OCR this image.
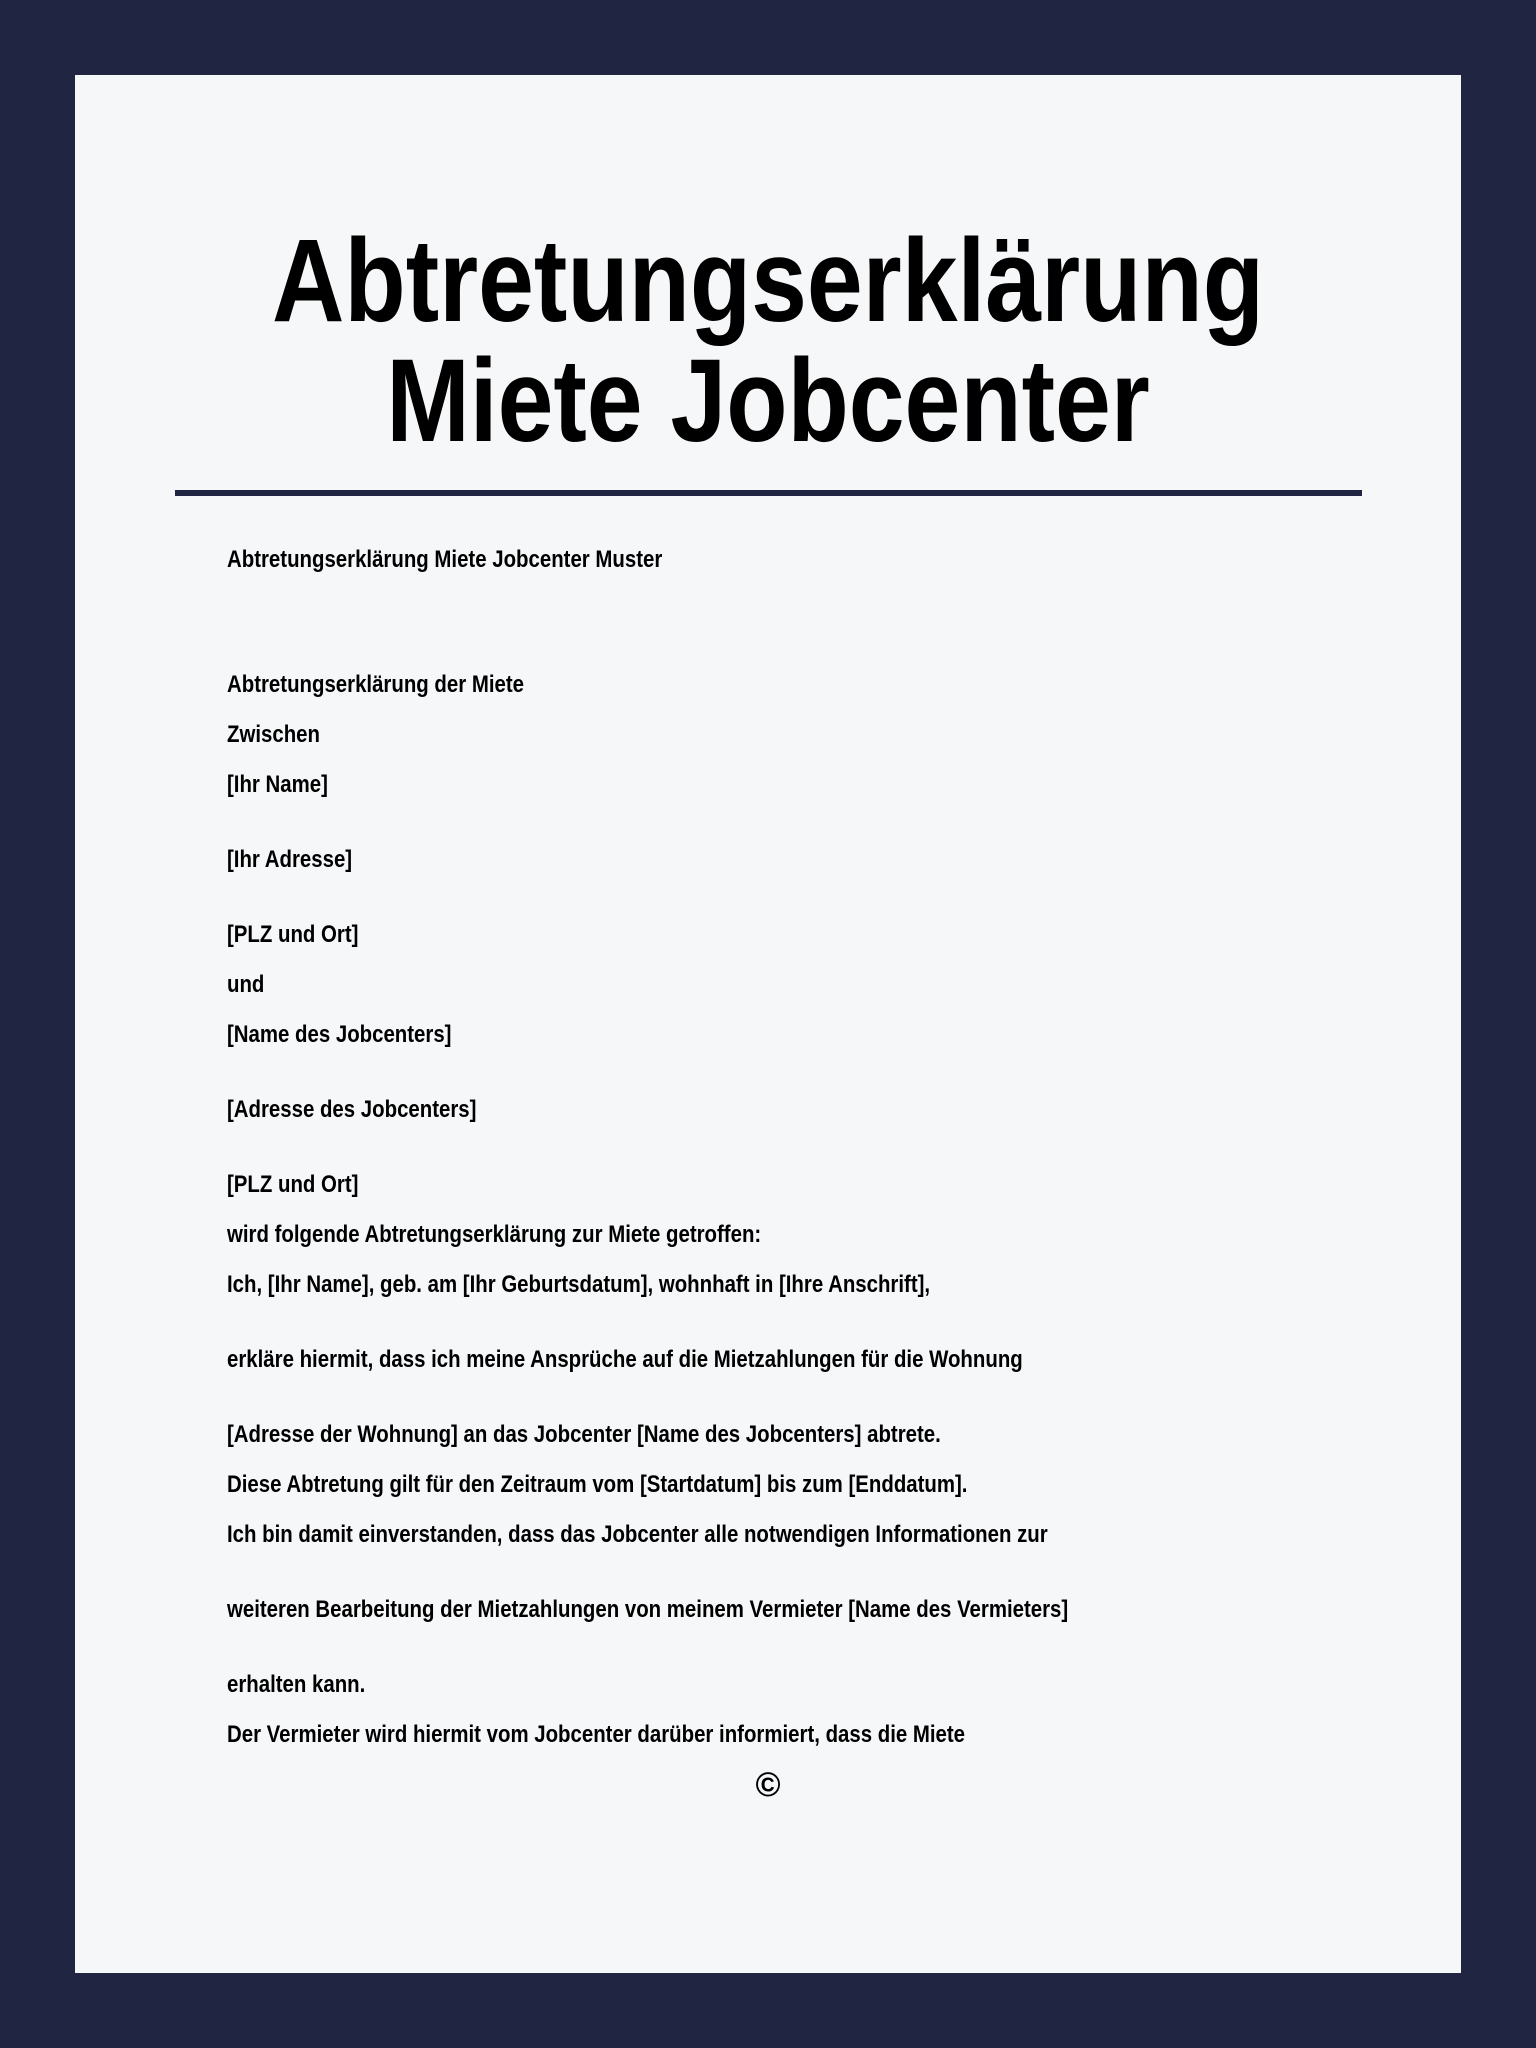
Abtretungserklärung
Miete Jobcenter
Abtretungserklärung Miete Jobcenter Muster
Abtretungserklärung der Miete
Zwischen
[Ihr Name]
[Ihr Adresse]
[PLZ und Ort]
und
[Name des Jobcenters]
[Adresse des Jobcenters]
[PLZ und Ort]
wird folgende Abtretungserklärung zur Miete getroffen:
Ich, [Ihr Name], geb. am [Ihr Geburtsdatum], wohnhaft in [Ihre Anschrift],
erkläre hiermit, dass ich meine Ansprüche auf die Mietzahlungen für die Wohnung
[Adresse der Wohnung] an das Jobcenter [Name des Jobcenters] abtrete.
Diese Abtretung gilt für den Zeitraum vom [Startdatum] bis zum [Enddatum].
Ich bin damit einverstanden, dass das Jobcenter alle notwendigen Informationen zur
weiteren Bearbeitung der Mietzahlungen von meinem Vermieter [Name des Vermieters]
erhalten kann.
Der Vermieter wird hiermit vom Jobcenter darüber informiert, dass die Miete
©
